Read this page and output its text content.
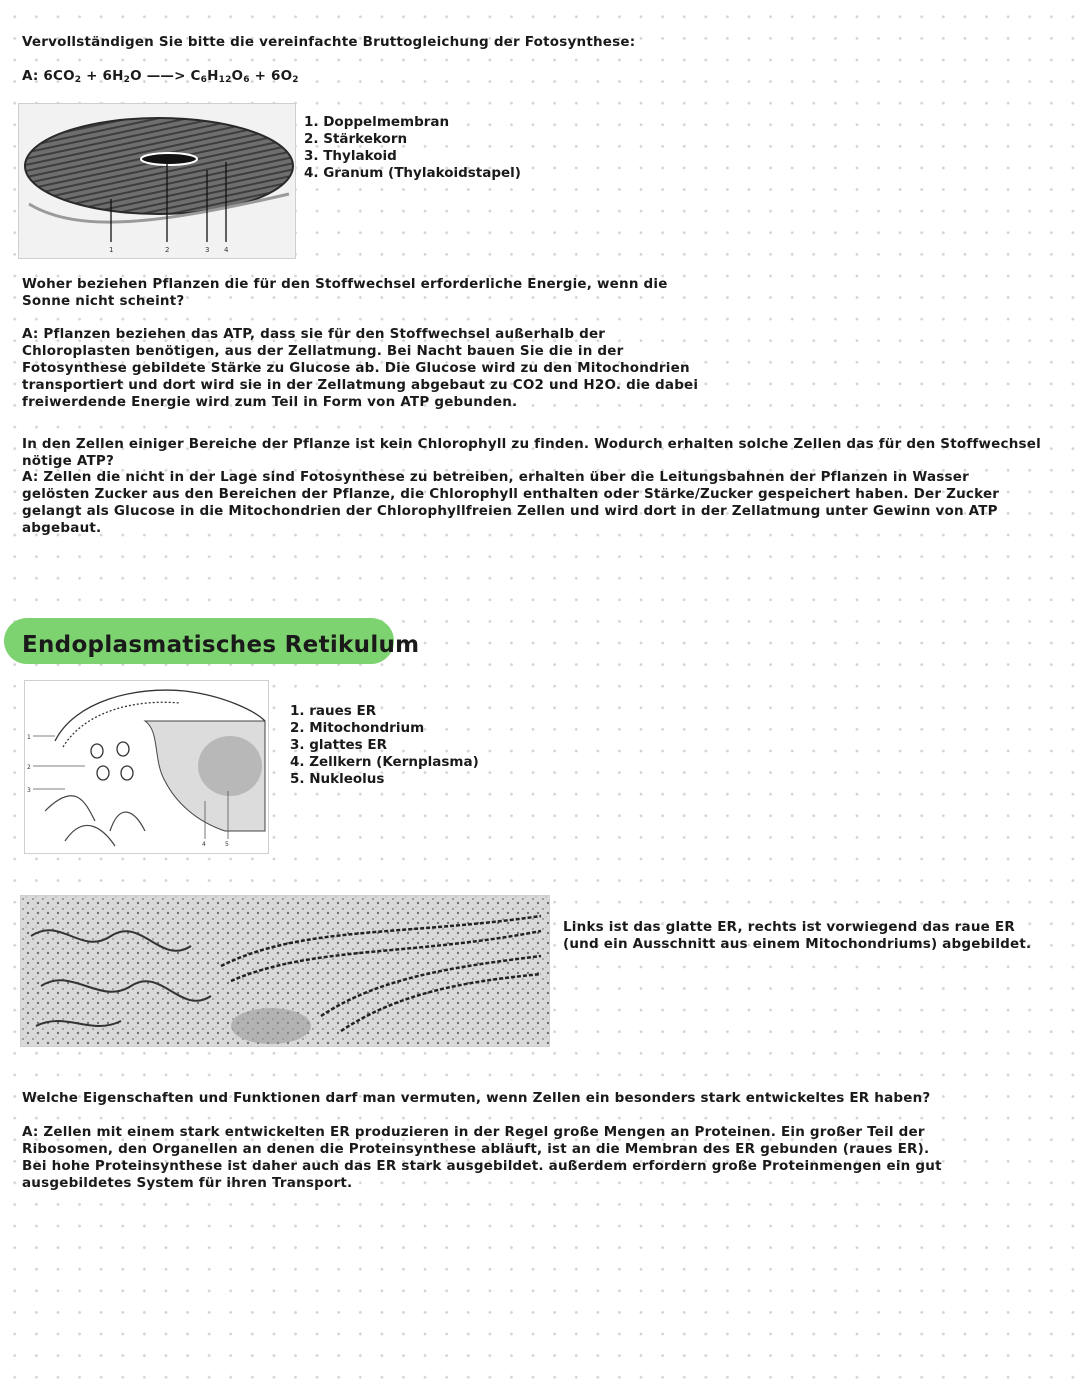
Vervollständigen Sie bitte die vereinfachte Bruttogleichung der Fotosynthese:
A: $6CO_2 + 6H_2O$ ——> $C_6H_{12}O_6 + 6O_2$
1	2	3 4
1. Doppelmembran
2. Stärkekorn
3. Thylakoid
4. Granum (Thylakoidstapel)
Woher beziehen Pflanzen die für den Stoffwechsel erforderliche Energie, wenn die Sonne nicht scheint?
A: Pflanzen beziehen das ATP, dass sie für den Stoffwechsel außerhalb der Chloroplasten benötigen, aus der Zellatmung. Bei Nacht bauen Sie die in der Fotosynthese gebildete Stärke zu Glucose ab. Die Glucose wird zu den Mitochondrien transportiert und dort wird sie in der Zellatmung abgebaut zu CO2 und H2O. die dabei freiwerdende Energie wird zum Teil in Form von ATP gebunden.
In den Zellen einiger Bereiche der Pflanze ist kein Chlorophyll zu finden. Wodurch erhalten solche Zellen das für den Stoffwechsel nötige ATP?
A: Zellen die nicht in der Lage sind Fotosynthese zu betreiben, erhalten über die Leitungsbahnen der Pflanzen in Wasser gelösten Zucker aus den Bereichen der Pflanze, die Chlorophyll enthalten oder Stärke/Zucker gespeichert haben. Der Zucker gelangt als Glucose in die Mitochondrien der Chlorophyllfreien Zellen und wird dort in der Zellatmung unter Gewinn von ATP abgebaut.
Endoplasmatisches Retikulum
1
2
3
4	5
1. raues ER
2. Mitochondrium
3. glattes ER
4. Zellkern (Kernplasma)
5. Nukleolus
Links ist das glatte ER, rechts ist vorwiegend das raue ER (und ein Ausschnitt aus einem Mitochondriums) abgebildet.
Welche Eigenschaften und Funktionen darf man vermuten, wenn Zellen ein besonders stark entwickeltes ER haben?
A: Zellen mit einem stark entwickelten ER produzieren in der Regel große Mengen an Proteinen. Ein großer Teil der Ribosomen, den Organellen an denen die Proteinsynthese abläuft, ist an die Membran des ER gebunden (raues ER). Bei hohe Proteinsynthese ist daher auch das ER stark ausgebildet. außerdem erfordern große Proteinmengen ein gut ausgebildetes System für ihren Transport.
